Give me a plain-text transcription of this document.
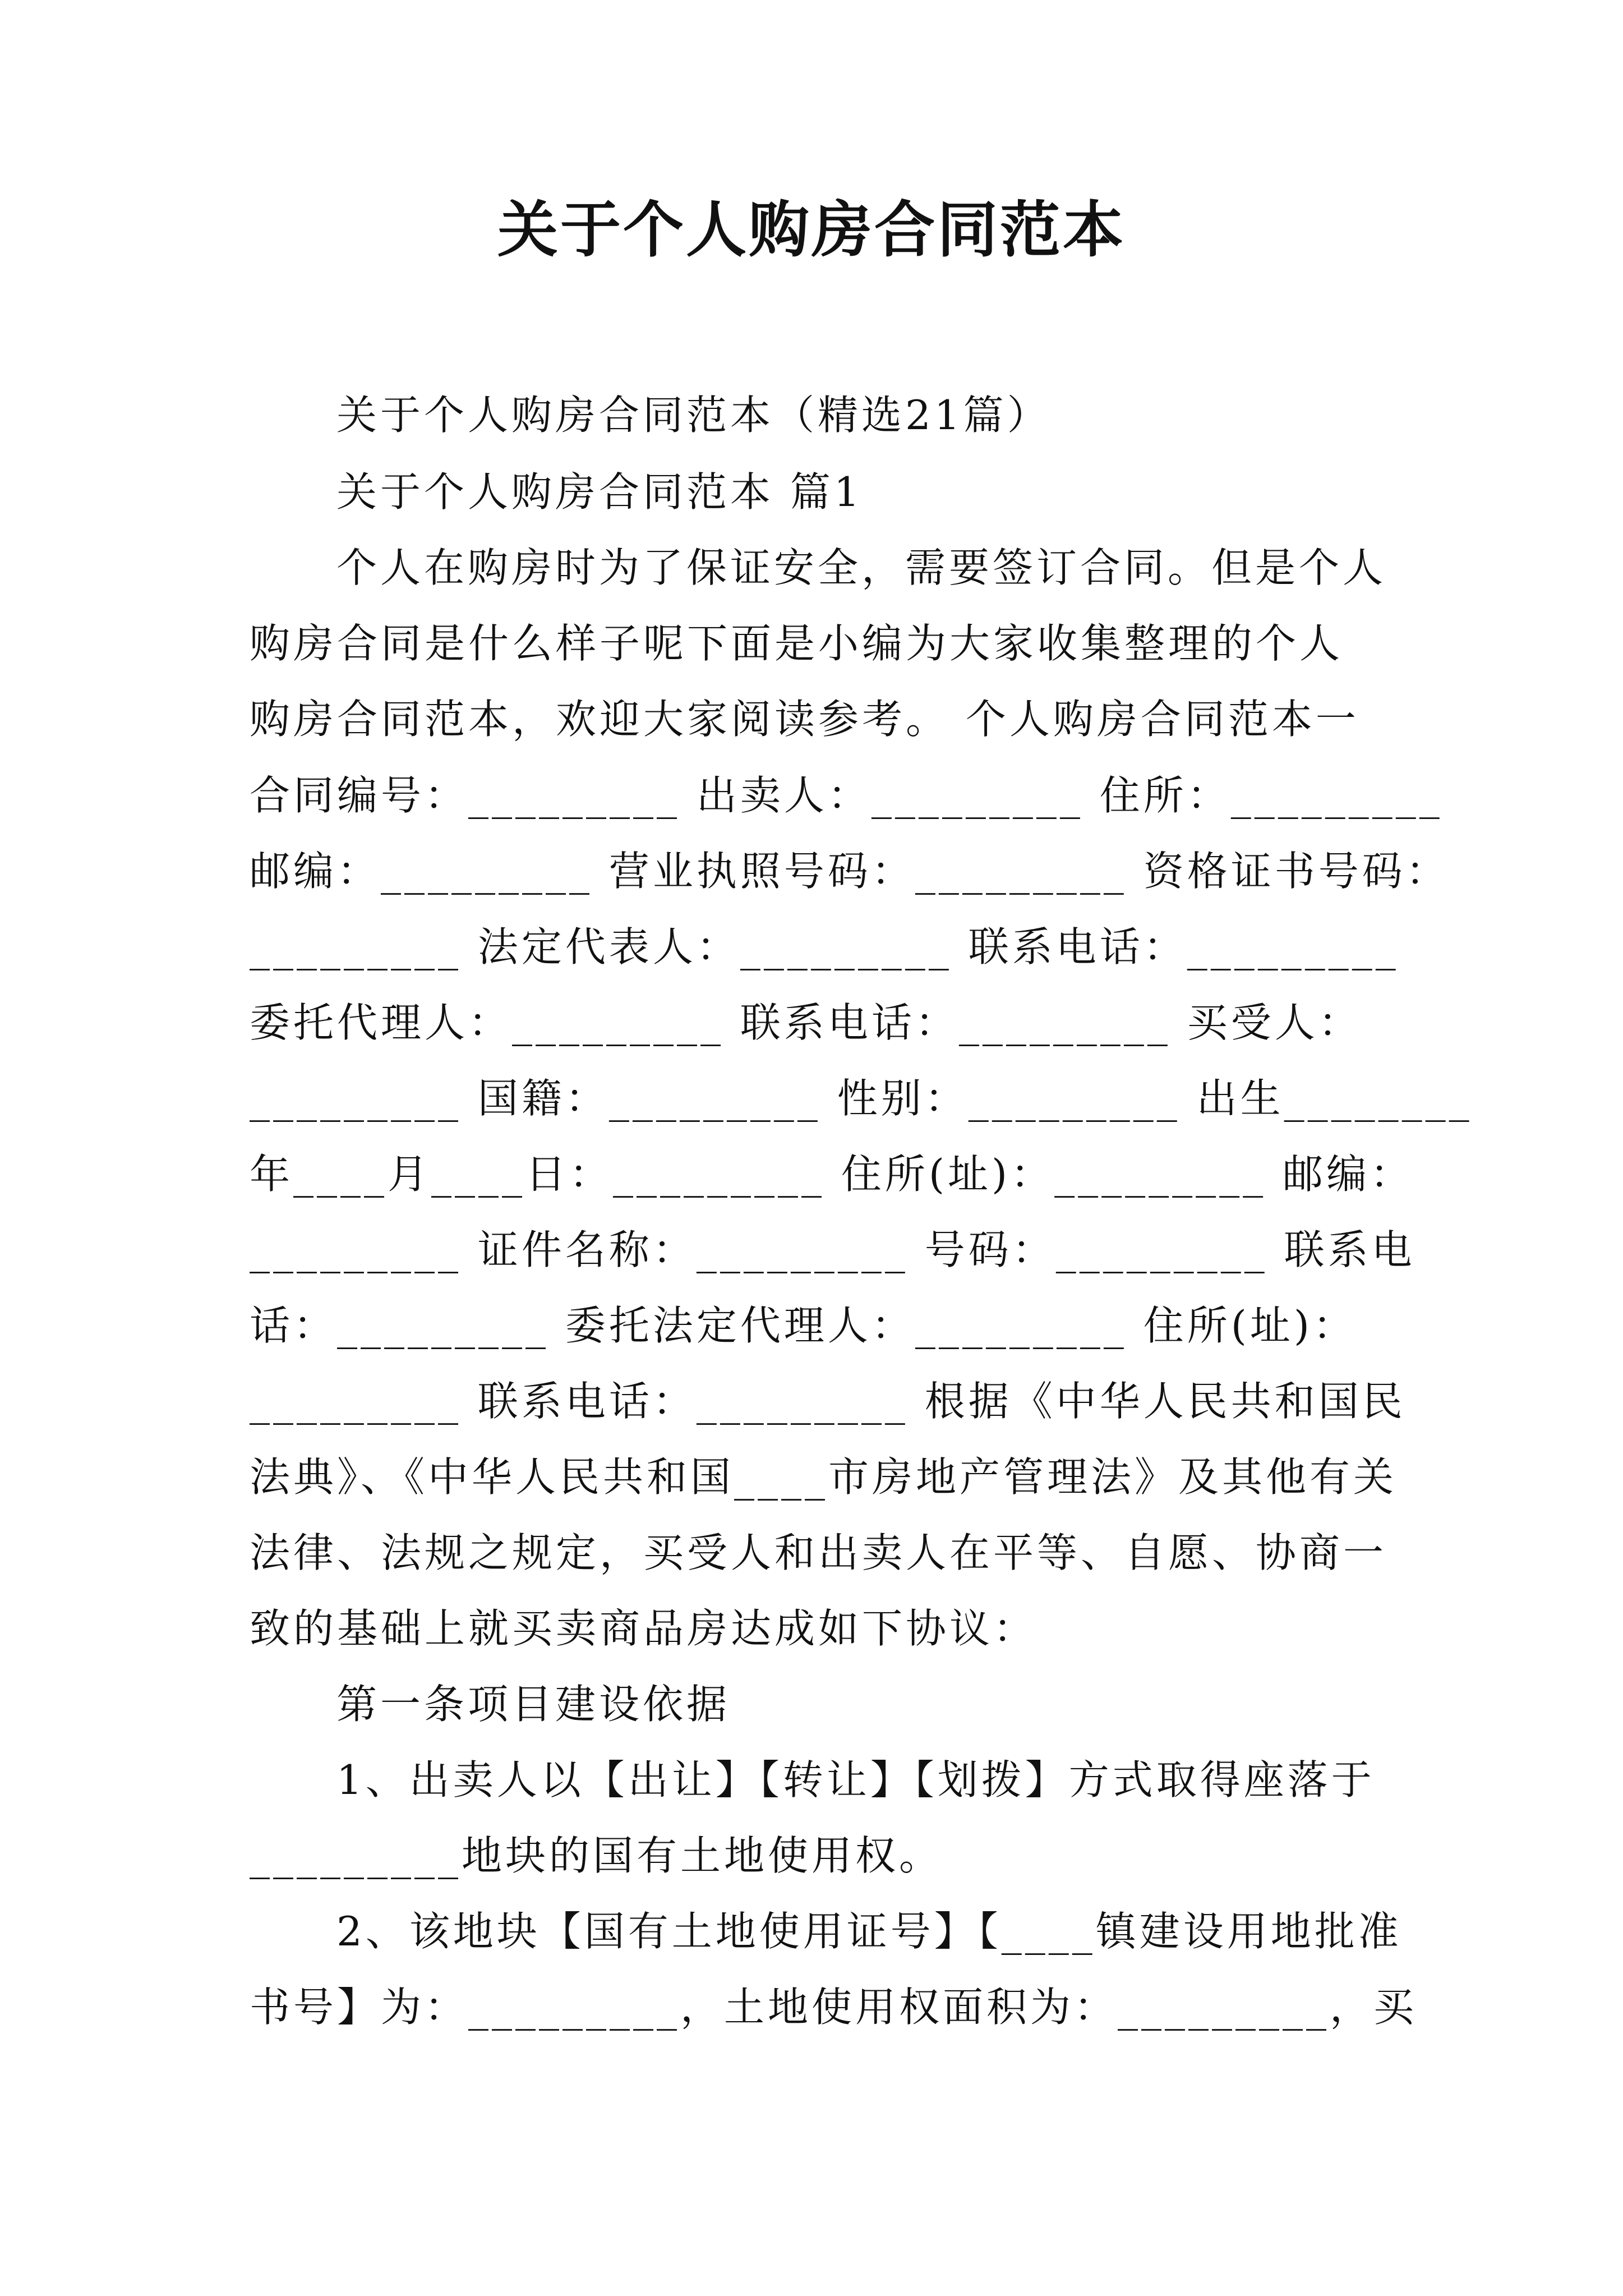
关于个人购房合同范本
关于个人购房合同范本（精选21篇）
关于个人购房合同范本 篇1
个人在购房时为了保证安全，需要签订合同。但是个人
购房合同是什么样子呢下面是小编为大家收集整理的个人
购房合同范本，欢迎大家阅读参考。 个人购房合同范本一
合同编号：_________ 出卖人：_________ 住所：_________
邮编：_________ 营业执照号码：_________ 资格证书号码：
_________ 法定代表人：_________ 联系电话：_________
委托代理人：_________ 联系电话：_________ 买受人：
_________ 国籍：_________ 性别：_________ 出生________
年____月____日：_________ 住所(址)：_________ 邮编：
_________ 证件名称：_________ 号码：_________ 联系电
话：_________ 委托法定代理人：_________ 住所(址)：
_________ 联系电话：_________ 根据《中华人民共和国民
法典》、《中华人民共和国____市房地产管理法》及其他有关
法律、法规之规定，买受人和出卖人在平等、自愿、协商一
致的基础上就买卖商品房达成如下协议：
第一条项目建设依据
1、出卖人以【出让】【转让】【划拨】方式取得座落于
_________地块的国有土地使用权。
2、该地块【国有土地使用证号】【____镇建设用地批准
书号】为：_________，土地使用权面积为：_________，买
